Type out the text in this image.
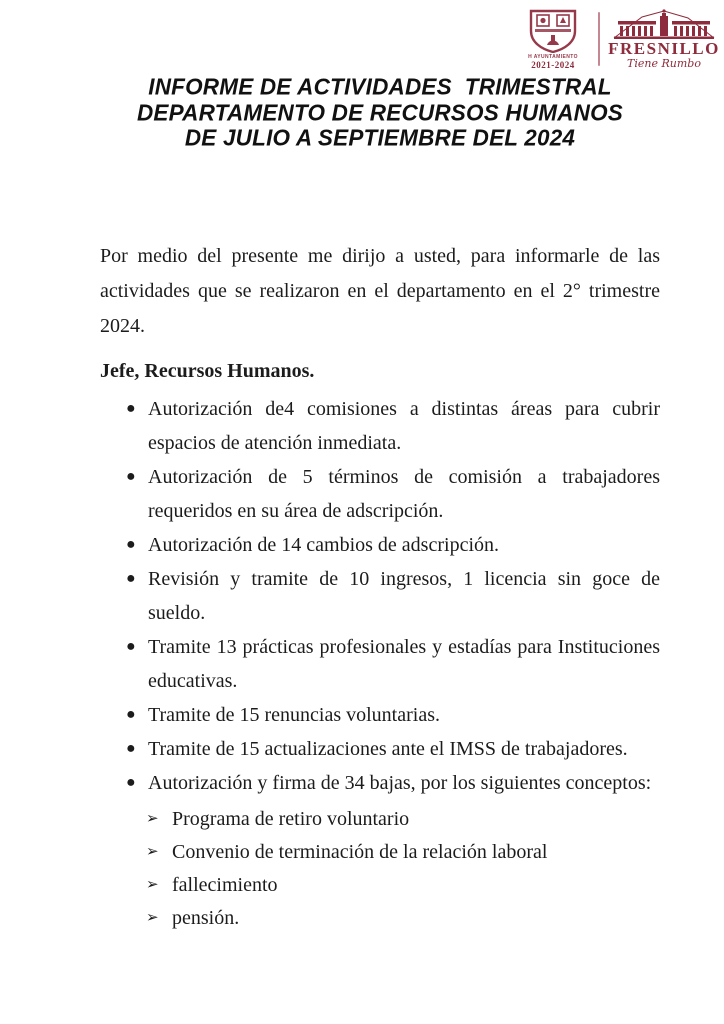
H AYUNTAMIENTO
2021-2024
FRESNILLO
Tiene Rumbo
INFORME DE ACTIVIDADES  TRIMESTRAL
DEPARTAMENTO DE RECURSOS HUMANOS
DE JULIO A SEPTIEMBRE DEL 2024

Por medio del presente me dirijo a usted, para informarle de las actividades que se realizaron en el departamento en el 2° trimestre 2024.

Jefe, Recursos Humanos.
● Autorización de4 comisiones a distintas áreas para cubrir espacios de atención inmediata.
● Autorización de 5 términos de comisión a trabajadores requeridos en su área de adscripción.
● Autorización de 14 cambios de adscripción.
● Revisión y tramite de 10 ingresos, 1 licencia sin goce de sueldo.
● Tramite 13 prácticas profesionales y estadías para Instituciones educativas.
● Tramite de 15 renuncias voluntarias.
● Tramite de 15 actualizaciones ante el IMSS de trabajadores.
● Autorización y firma de 34 bajas, por los siguientes conceptos:
➢ Programa de retiro voluntario
➢ Convenio de terminación de la relación laboral
➢ fallecimiento
➢ pensión.
